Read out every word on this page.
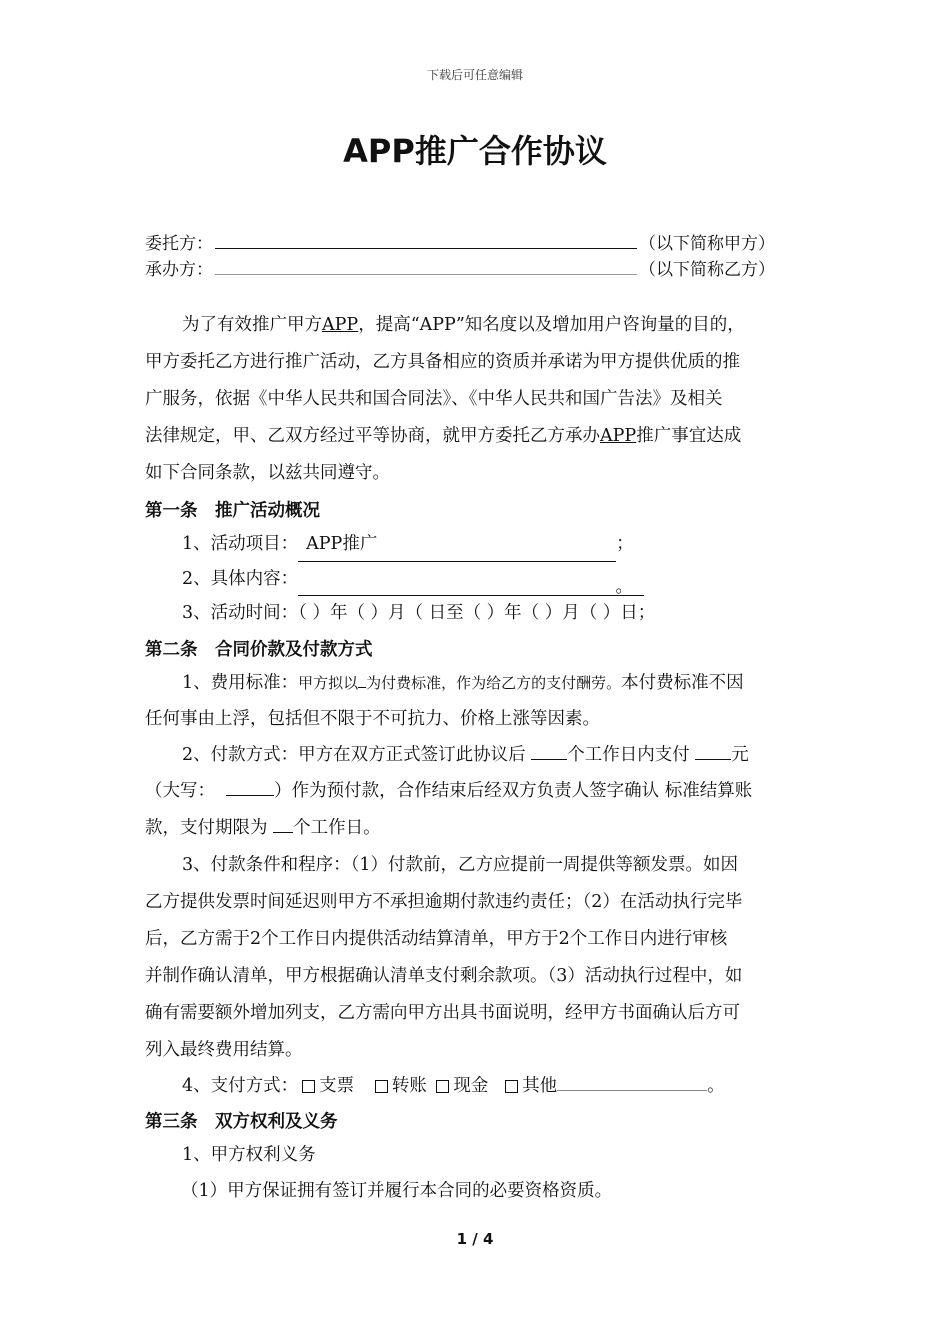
下载后可任意编辑
APP推广合作协议
委托方：	（以下简称甲方）
承办方：	（以下简称乙方）
为了有效推广甲方APP，提高“APP”知名度以及增加用户咨询量的目的，
甲方委托乙方进行推广活动，乙方具备相应的资质并承诺为甲方提供优质的推
广服务，依据《中华人民共和国合同法》、《中华人民共和国广告法》及相关
法律规定，甲、乙双方经过平等协商，就甲方委托乙方承办APP推广事宜达成
如下合同条款，以兹共同遵守。
第一条　推广活动概况
1、活动项目： APP推广	；
2、具体内容：	。
3、活动时间：（ ）年（ ）月（ 日至（ ）年（ ）月（ ）日；
第二条　合同价款及付款方式
1、费用标准：甲方拟以 为付费标准，作为给乙方的支付酬劳。本付费标准不因
任何事由上浮，包括但不限于不可抗力、价格上涨等因素。
2、付款方式：甲方在双方正式签订此协议后 个工作日内支付 元
（大写：	）作为预付款，合作结束后经双方负责人签字确认 标准结算账
款，支付期限为 个工作日。
3、付款条件和程序：（1）付款前，乙方应提前一周提供等额发票。如因
乙方提供发票时间延迟则甲方不承担逾期付款违约责任；（2）在活动执行完毕
后，乙方需于2个工作日内提供活动结算清单，甲方于2个工作日内进行审核
并制作确认清单，甲方根据确认清单支付剩余款项。（3）活动执行过程中，如
确有需要额外增加列支，乙方需向甲方出具书面说明，经甲方书面确认后方可
列入最终费用结算。
4、支付方式： 支票 转账 现金 其他	。
第三条　双方权利及义务
1、甲方权利义务
（1）甲方保证拥有签订并履行本合同的必要资格资质。
1 / 4
